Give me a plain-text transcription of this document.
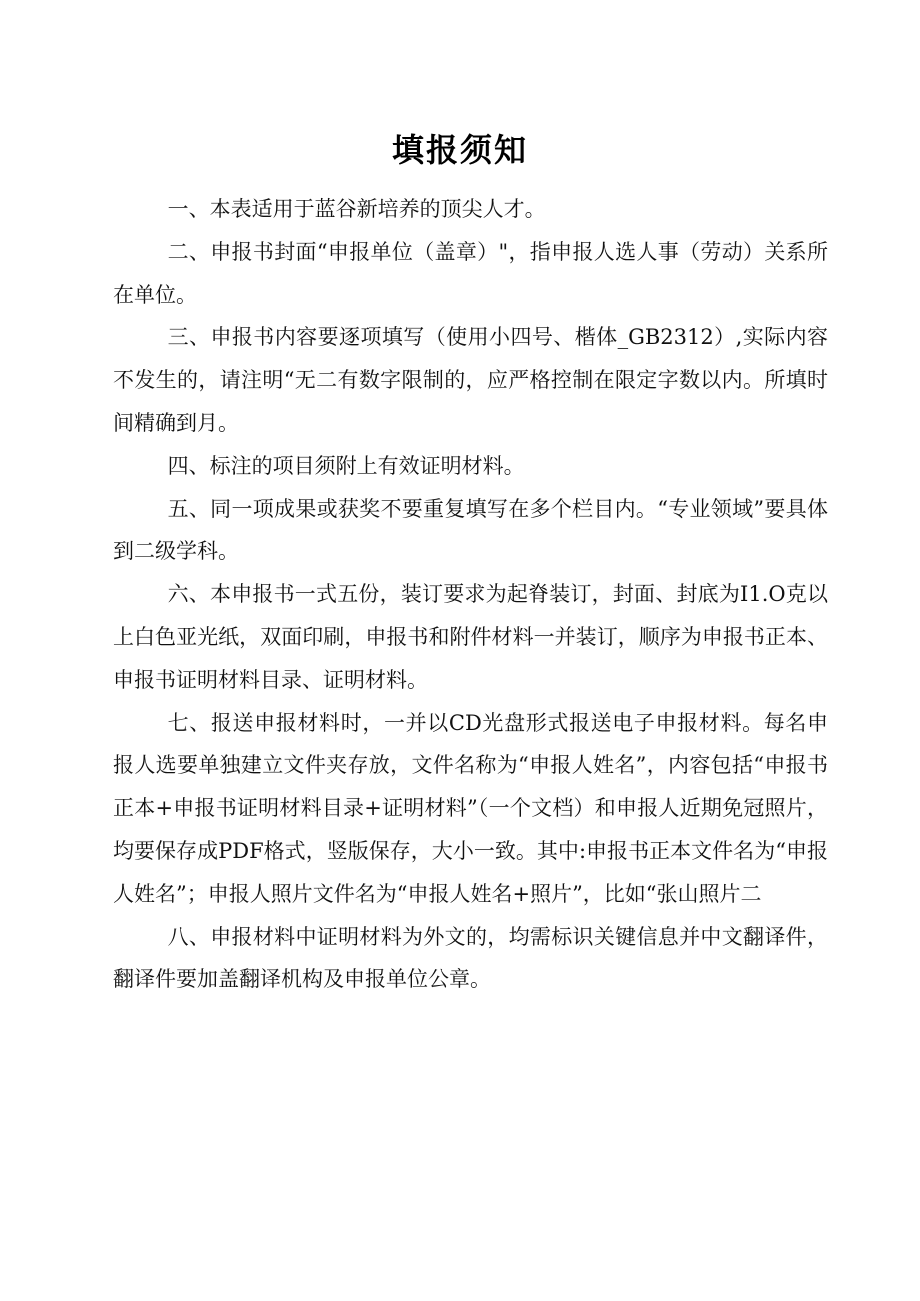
填报须知

一、本表适用于蓝谷新培养的顶尖人才。

二、申报书封面“申报单位（盖章）"，指申报人选人事（劳动）关系所在单位。

三、申报书内容要逐项填写（使用小四号、楷体_GB2312）,实际内容不发生的，请注明“无二有数字限制的，应严格控制在限定字数以内。所填时间精确到月。

四、标注的项目须附上有效证明材料。

五、同一项成果或获奖不要重复填写在多个栏目内。“专业领域”要具体到二级学科。

六、本申报书一式五份，装订要求为起脊装订，封面、封底为I1.O克以上白色亚光纸，双面印刷，申报书和附件材料一并装订，顺序为申报书正本、申报书证明材料目录、证明材料。

七、报送申报材料时，一并以CD光盘形式报送电子申报材料。每名申报人选要单独建立文件夹存放，文件名称为“申报人姓名”，内容包括“申报书正本+申报书证明材料目录+证明材料”（一个文档）和申报人近期免冠照片，均要保存成PDF格式，竖版保存，大小一致。其中:申报书正本文件名为“申报人姓名”；申报人照片文件名为“申报人姓名+照片”，比如“张山照片二

八、申报材料中证明材料为外文的，均需标识关键信息并中文翻译件，翻译件要加盖翻译机构及申报单位公章。
